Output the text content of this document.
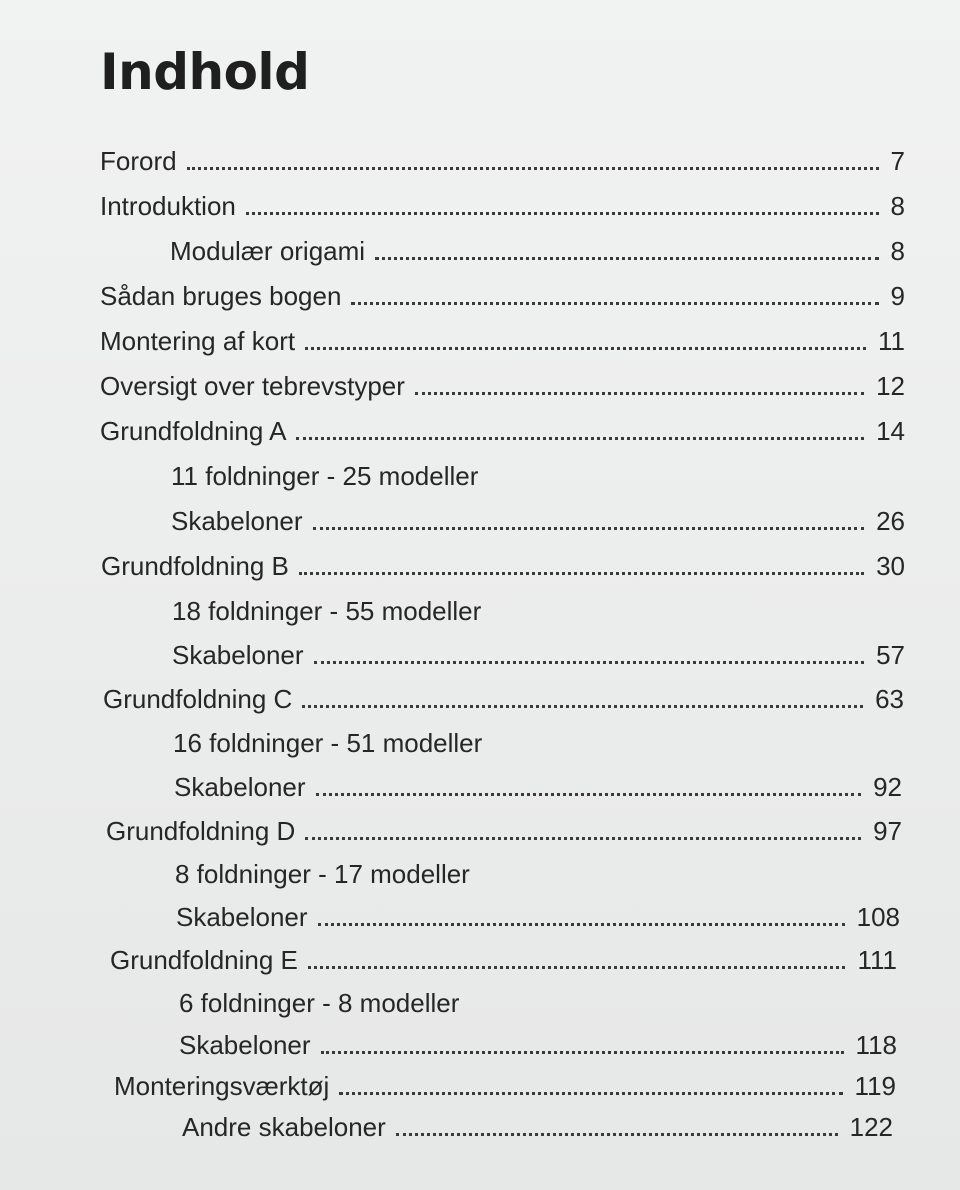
Indhold
Forord	7
Introduktion	8
Modulær origami	8
Sådan bruges bogen	9
Montering af kort	11
Oversigt over tebrevstyper	12
Grundfoldning A	14
11 foldninger - 25 modeller
Skabeloner	26
Grundfoldning B	30
18 foldninger - 55 modeller
Skabeloner	57
Grundfoldning C	63
16 foldninger - 51 modeller
Skabeloner	92
Grundfoldning D	97
8 foldninger - 17 modeller
Skabeloner	108
Grundfoldning E	111
6 foldninger - 8 modeller
Skabeloner	118
Monteringsværktøj	119
Andre skabeloner	122
